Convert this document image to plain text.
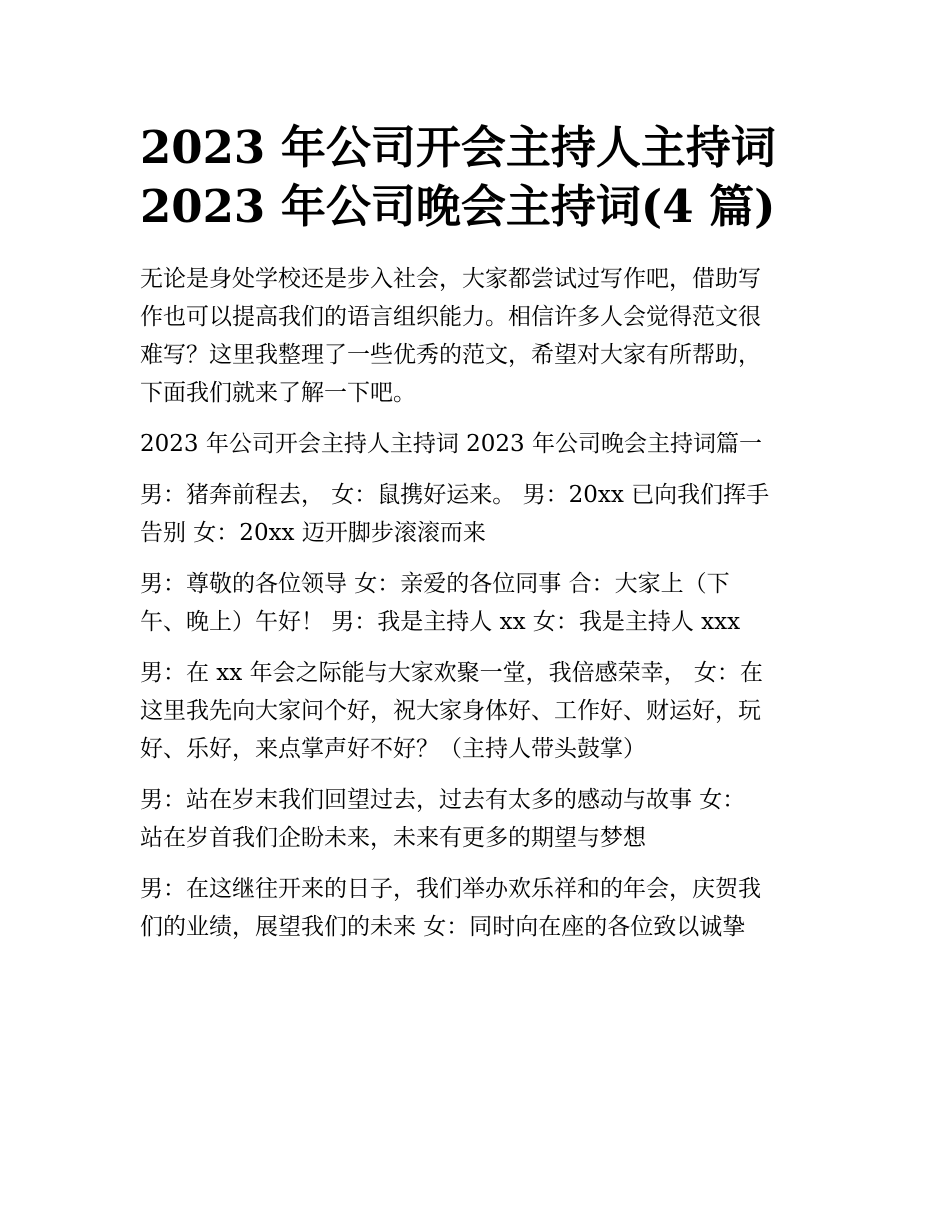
2023 年公司开会主持人主持词
2023 年公司晚会主持词(4 篇)
无论是身处学校还是步入社会，大家都尝试过写作吧，借助写
作也可以提高我们的语言组织能力。相信许多人会觉得范文很
难写？这里我整理了一些优秀的范文，希望对大家有所帮助，
下面我们就来了解一下吧。
2023 年公司开会主持人主持词 2023 年公司晚会主持词篇一
男：猪奔前程去， 女：鼠携好运来。 男：20xx 已向我们挥手
告别 女：20xx 迈开脚步滚滚而来
男：尊敬的各位领导 女：亲爱的各位同事 合：大家上（下
午、晚上）午好！ 男：我是主持人 xx 女：我是主持人 xxx
男：在 xx 年会之际能与大家欢聚一堂，我倍感荣幸， 女：在
这里我先向大家问个好，祝大家身体好、工作好、财运好，玩
好、乐好，来点掌声好不好？（主持人带头鼓掌）
男：站在岁末我们回望过去，过去有太多的感动与故事 女：
站在岁首我们企盼未来，未来有更多的期望与梦想
男：在这继往开来的日子，我们举办欢乐祥和的年会，庆贺我
们的业绩，展望我们的未来 女：同时向在座的各位致以诚挚
